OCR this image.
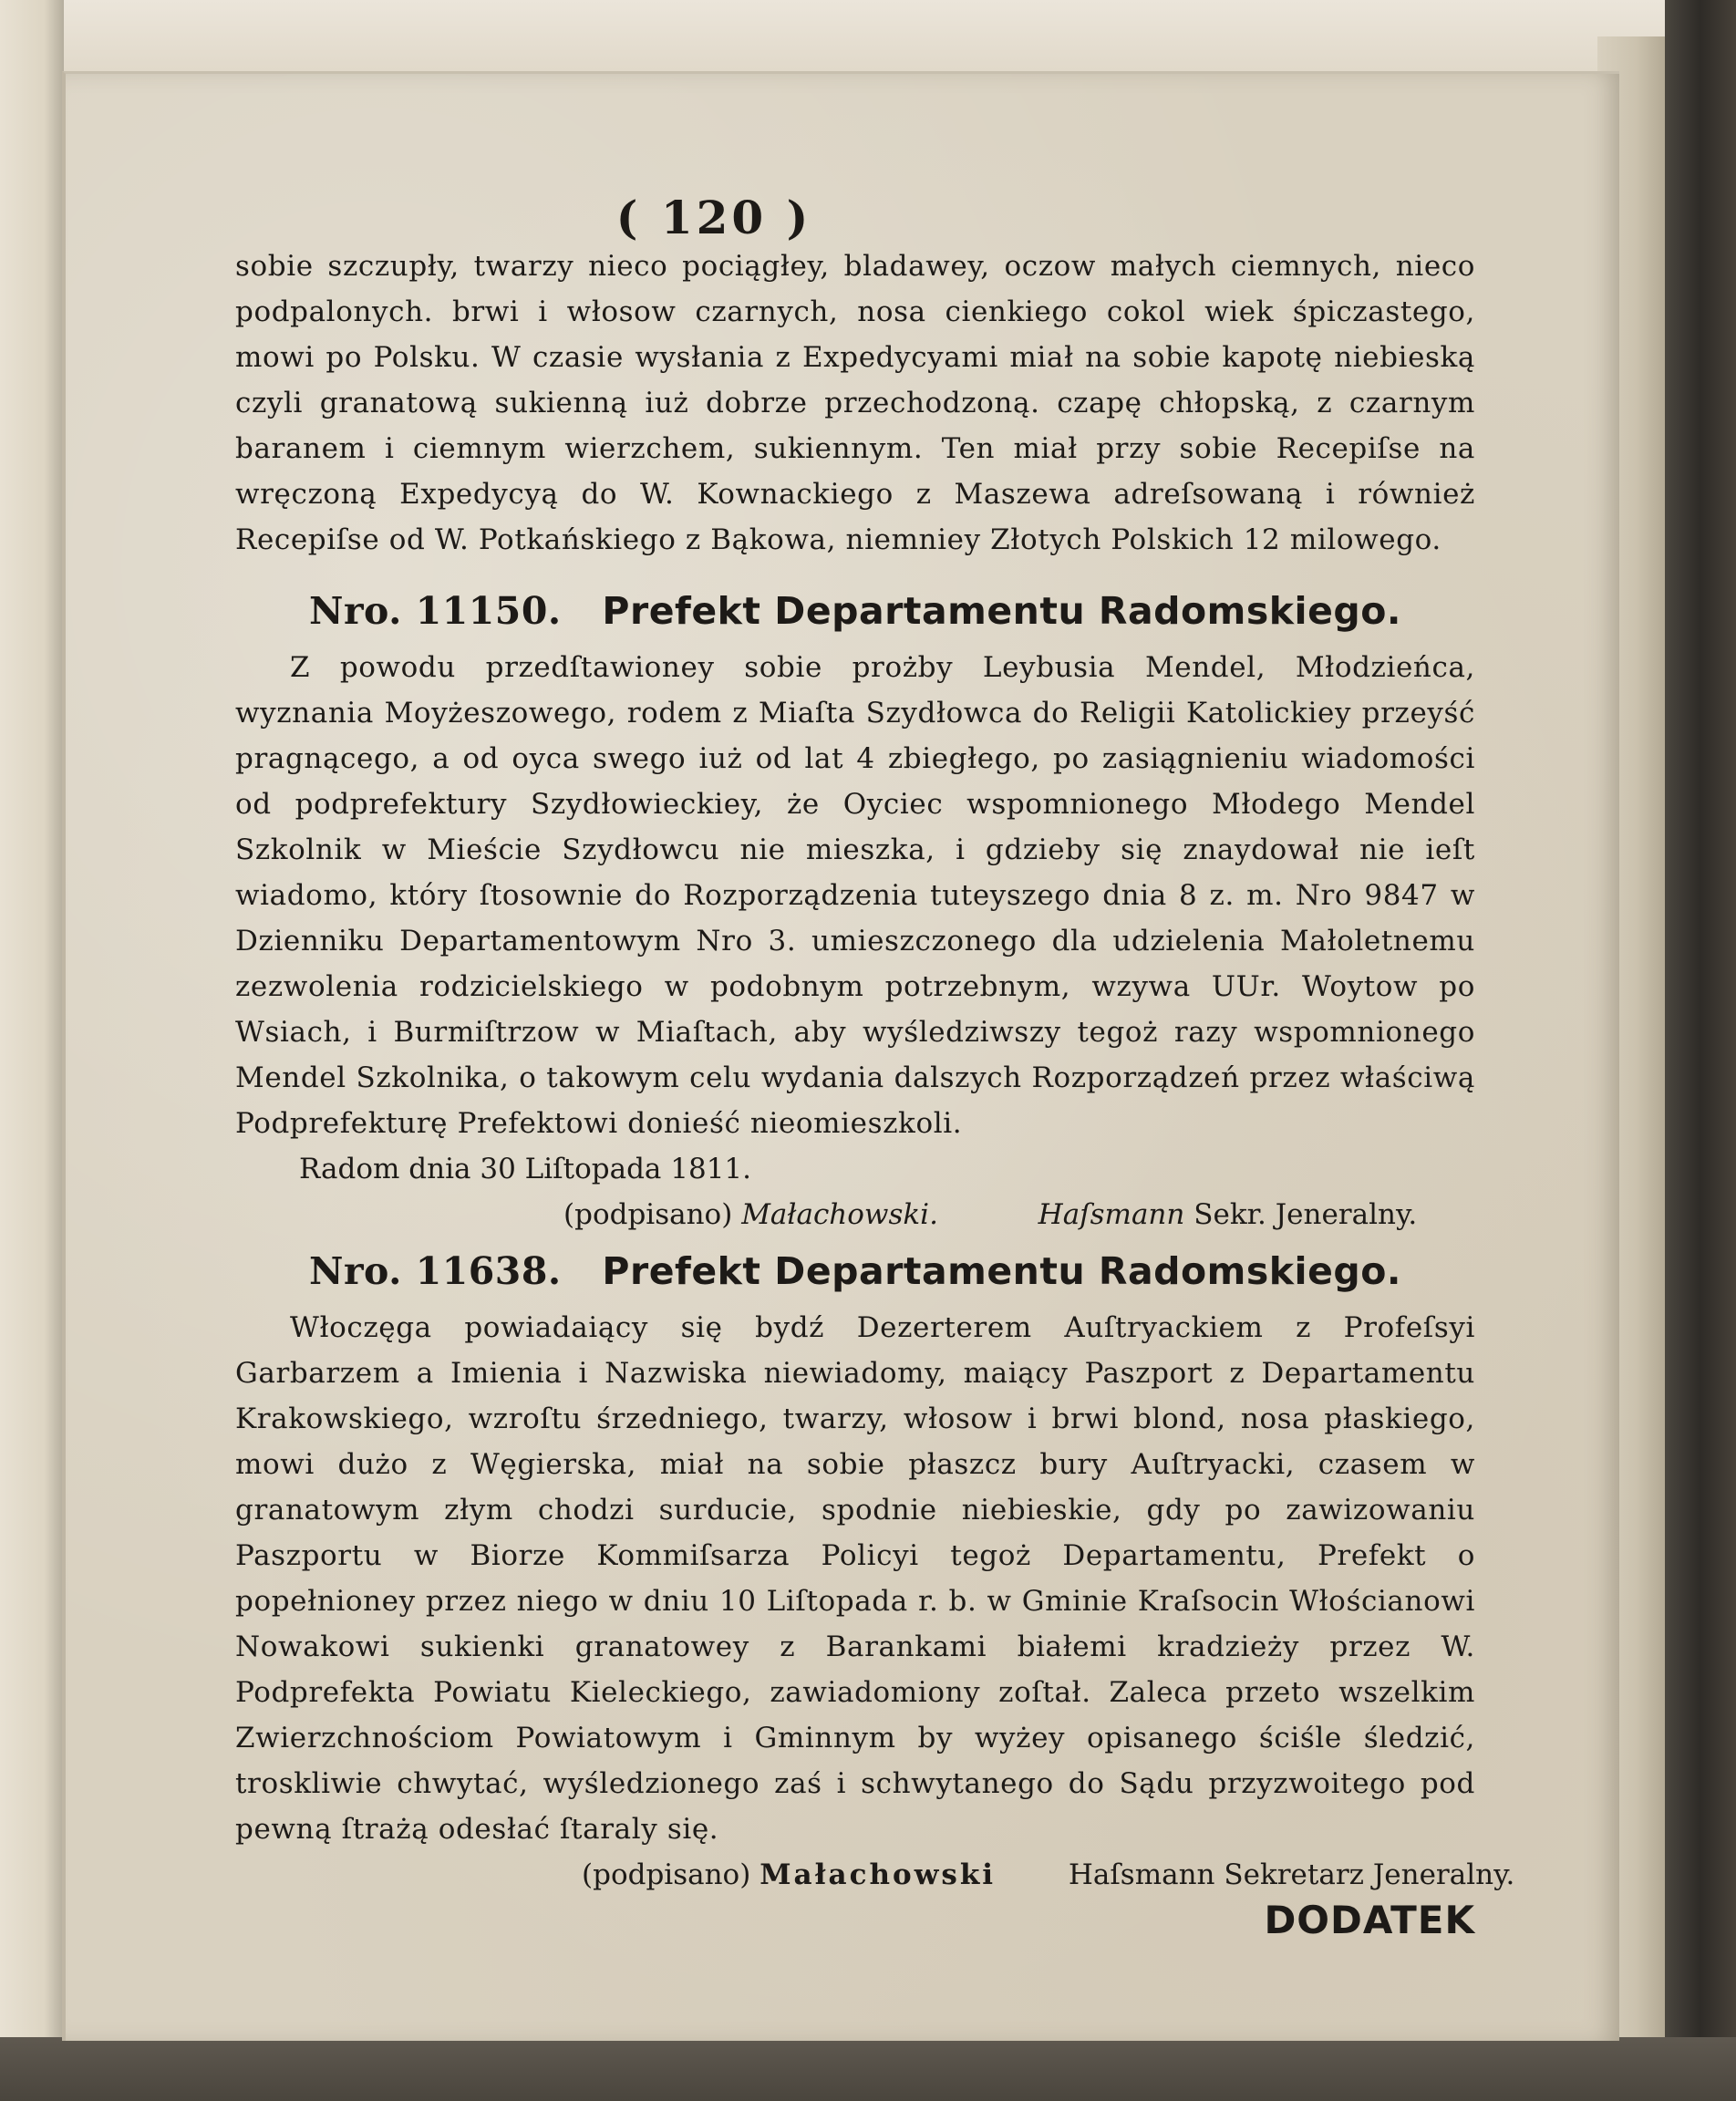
( 120 )

sobie szczupły, twarzy nieco pociągłey, bladawey, oczow małych ciemnych, nieco podpalonych. brwi i włosow czarnych, nosa cienkiego cokol wiek śpiczastego, mowi po Polsku. W czasie wysłania z Expedycyami miał na sobie kapotę niebieską czyli granatową sukienną iuż dobrze przechodzoną. czapę chłopską, z czarnym baranem i ciemnym wierzchem, sukiennym. Ten miał przy sobie Recepiſse na wręczoną Expedycyą do W. Kownackiego z Maszewa adreſsowaną i również Recepiſse od W. Potkańskiego z Bąkowa, niemniey Złotych Polskich 12 milowego.

Nro. 11150. Prefekt Departamentu Radomskiego.

Z powodu przedſtawioney sobie prożby Leybusia Mendel, Młodzieńca, wyznania Moyżeszowego, rodem z Miaſta Szydłowca do Religii Katolickiey przeyść pragnącego, a od oyca swego iuż od lat 4 zbiegłego, po zasiągnieniu wiadomości od podprefektury Szydłowieckiey, że Oyciec wspomnionego Młodego Mendel Szkolnik w Mieście Szydłowcu nie mieszka, i gdzieby się znaydował nie ieſt wiadomo, który ſtosownie do Rozporządzenia tuteyszego dnia 8 z. m. Nro 9847 w Dzienniku Departamentowym Nro 3. umieszczonego dla udzielenia Małoletnemu zezwolenia rodzicielskiego w podobnym potrzebnym, wzywa UUr. Woytow po Wsiach, i Burmiſtrzow w Miaſtach, aby wyśledziwszy tegoż razy wspomnionego Mendel Szkolnika, o takowym celu wydania dalszych Rozporządzeń przez właściwą Podprefekturę Prefektowi donieść nieomieszkoli.

Radom dnia 30 Liſtopada 1811.

(podpisano) Małachowski.	Haſsmann Sekr. Jeneralny.

Nro. 11638. Prefekt Departamentu Radomskiego.

Włoczęga powiadaiący się bydź Dezerterem Auſtryackiem z Profeſsyi Garbarzem a Imienia i Nazwiska niewiadomy, maiący Paszport z Departamentu Krakowskiego, wzroſtu śrzedniego, twarzy, włosow i brwi blond, nosa płaskiego, mowi dużo z Węgierska, miał na sobie płaszcz bury Auſtryacki, czasem w granatowym złym chodzi surducie, spodnie niebieskie, gdy po zawizowaniu Paszportu w Biorze Kommiſsarza Policyi tegoż Departamentu, Prefekt o popełnioney przez niego w dniu 10 Liſtopada r. b. w Gminie Kraſsocin Włościanowi Nowakowi sukienki granatowey z Barankami białemi kradzieży przez W. Podprefekta Powiatu Kieleckiego, zawiadomiony zoſtał. Zaleca przeto wszelkim Zwierzchnościom Powiatowym i Gminnym by wyżey opisanego ściśle śledzić, troskliwie chwytać, wyśledzionego zaś i schwytanego do Sądu przyzwoitego pod pewną ſtrażą odesłać ſtaraly się.

(podpisano) Małachowski	Haſsmann Sekretarz Jeneralny.

DODATEK
